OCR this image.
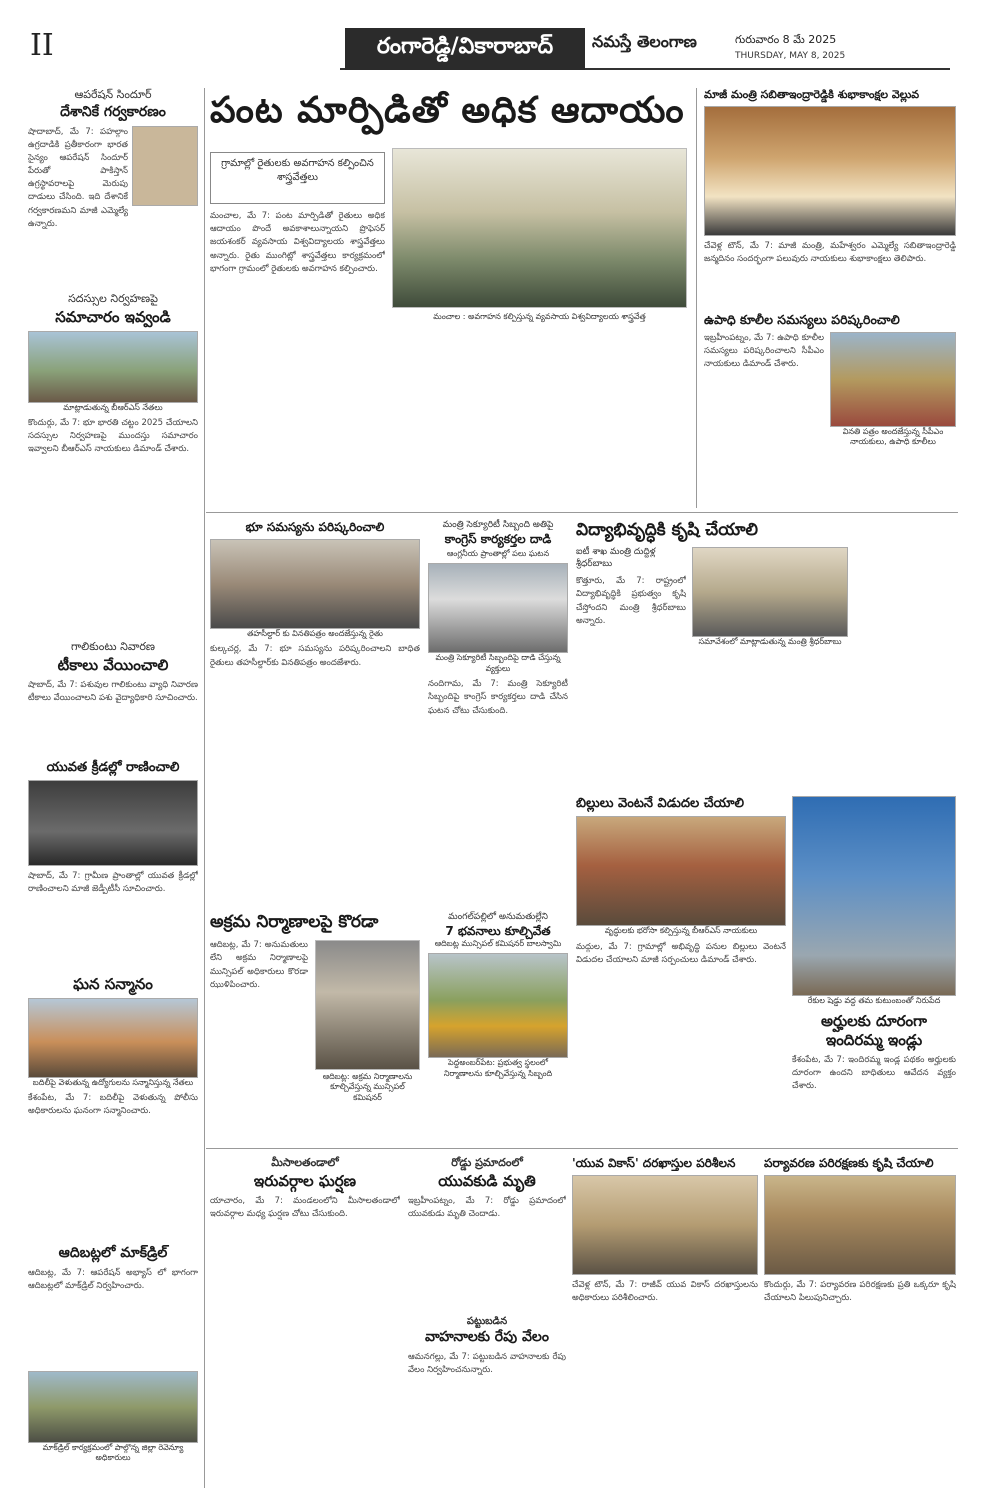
II	రంగారెడ్డి/వికారాబాద్	నమస్తే తెలంగాణ	గురువారం 8 మే 2025
THURSDAY, MAY 8, 2025
ఆపరేషన్ సిందూర్
దేశానికే గర్వకారణం
షాదాబాద్, మే 7: పహల్గాం ఉగ్రదాడికి ప్రతీకారంగా భారత సైన్యం ఆపరేషన్ సిందూర్ పేరుతో పాకిస్తాన్ ఉగ్రస్థావరాలపై మెరుపు దాడులు చేసింది. ఇది దేశానికే గర్వకారణమని మాజీ ఎమ్మెల్యే ఉన్నారు.
సదస్సుల నిర్వహణపై
సమాచారం ఇవ్వండి
మాట్లాడుతున్న బీఆర్ఎస్ నేతలు
కొందుర్గు, మే 7: భూ భారతి చట్టం 2025 చేయాలని సదస్సుల నిర్వహణపై ముందస్తు సమాచారం ఇవ్వాలని బీఆర్ఎస్ నాయకులు డిమాండ్ చేశారు.
గాలికుంటు నివారణ
టీకాలు వేయించాలి
షాబాద్, మే 7: పశువుల గాలికుంటు వ్యాధి నివారణ టీకాలు వేయించాలని పశు వైద్యాధికారి సూచించారు.
యువత క్రీడల్లో రాణించాలి
షాబాద్, మే 7: గ్రామీణ ప్రాంతాల్లో యువత క్రీడల్లో రాణించాలని మాజీ జెడ్పీటీసీ సూచించారు.
ఘన సన్మానం
బదిలీపై వెళుతున్న ఉద్యోగులను సన్మానిస్తున్న నేతలు
కేశంపేట, మే 7: బదిలీపై వెళుతున్న పోలీసు అధికారులను ఘనంగా సన్మానించారు.
ఆదిబట్లలో మాక్‌డ్రిల్
ఆదిబట్ల, మే 7: ఆపరేషన్ అభ్యాస్ లో భాగంగా ఆదిబట్లలో మాక్‌డ్రిల్ నిర్వహించారు.
మాక్‌డ్రిల్ కార్యక్రమంలో పాల్గొన్న జిల్లా రెవెన్యూ అధికారులు
పంట మార్పిడితో అధిక ఆదాయం
గ్రామాల్లో రైతులకు అవగాహన కల్పించిన శాస్త్రవేత్తలు
మంచాల : అవగాహన కల్పిస్తున్న వ్యవసాయ విశ్వవిద్యాలయ శాస్త్రవేత్త
మంచాల, మే 7: పంట మార్పిడితో రైతులు అధిక ఆదాయం పొందే అవకాశాలున్నాయని ప్రొఫెసర్ జయశంకర్ వ్యవసాయ విశ్వవిద్యాలయ శాస్త్రవేత్తలు అన్నారు. రైతు ముంగిట్లో శాస్త్రవేత్తలు కార్యక్రమంలో భాగంగా గ్రామంలో రైతులకు అవగాహన కల్పించారు.
మాజీ మంత్రి సబితాఇంద్రారెడ్డికి శుభాకాంక్షల వెల్లువ
చేవెళ్ల టౌన్, మే 7: మాజీ మంత్రి, మహేశ్వరం ఎమ్మెల్యే సబితాఇంద్రారెడ్డి జన్మదినం సందర్భంగా పలువురు నాయకులు శుభాకాంక్షలు తెలిపారు.
ఉపాధి కూలీల సమస్యలు పరిష్కరించాలి
ఇబ్రహీంపట్నం, మే 7: ఉపాధి కూలీల సమస్యలు పరిష్కరించాలని సీపీఎం నాయకులు డిమాండ్ చేశారు.
వినతి పత్రం అందజేస్తున్న సీపీఎం నాయకులు, ఉపాధి కూలీలు
భూ సమస్యను పరిష్కరించాలి
తహసీల్దార్ కు వినతిపత్రం అందజేస్తున్న రైతు
కుల్కచర్ల, మే 7: భూ సమస్యను పరిష్కరించాలని బాధిత రైతులు తహసీల్దార్‌కు వినతిపత్రం అందజేశారు.
మంత్రి సెక్యూరిటీ సిబ్బంది అతిపై
కాంగ్రెస్ కార్యకర్తల దాడి
ఆంగ్లనీయ ప్రాంతాల్లో పలు ఘటన
మంత్రి సెక్యూరిటీ సిబ్బందిపై దాడి చేస్తున్న వ్యక్తులు
నందిగామ, మే 7: మంత్రి సెక్యూరిటీ సిబ్బందిపై కాంగ్రెస్ కార్యకర్తలు దాడి చేసిన ఘటన చోటు చేసుకుంది.
విద్యాభివృద్ధికి కృషి చేయాలి
ఐటీ శాఖ మంత్రి దుద్దిళ్ల శ్రీధర్‌బాబు
కొత్తూరు, మే 7: రాష్ట్రంలో విద్యాభివృద్ధికి ప్రభుత్వం కృషి చేస్తోందని మంత్రి శ్రీధర్‌బాబు అన్నారు.
సమావేశంలో మాట్లాడుతున్న మంత్రి శ్రీధర్‌బాబు
అక్రమ నిర్మాణాలపై కొరడా
ఆదిబట్ల, మే 7: అనుమతులు లేని అక్రమ నిర్మాణాలపై మున్సిపల్ అధికారులు కొరడా ఝుళిపించారు.
ఆదిబట్ల: అక్రమ నిర్మాణాలను కూల్చివేస్తున్న మున్సిపల్ కమిషనర్
మంగల్‌పల్లిలో అనుమతుల్లేని
7 భవనాలు కూల్చివేత
ఆదిబట్ల మున్సిపల్ కమిషనర్ బాలస్వామి
పెద్దఅంబర్‌పేట: ప్రభుత్వ స్థలంలో నిర్మాణాలను కూల్చివేస్తున్న సిబ్బంది
బిల్లులు వెంటనే విడుదల చేయాలి
వృద్ధులకు భరోసా కల్పిస్తున్న బీఆర్ఎస్ నాయకులు
మద్గుల, మే 7: గ్రామాల్లో అభివృద్ధి పనుల బిల్లులు వెంటనే విడుదల చేయాలని మాజీ సర్పంచులు డిమాండ్ చేశారు.
రేకుల షెడ్డు వద్ద తమ కుటుంబంతో నిరుపేద
అర్హులకు దూరంగా ఇందిరమ్మ ఇండ్లు
కేశంపేట, మే 7: ఇందిరమ్మ ఇండ్ల పథకం అర్హులకు దూరంగా ఉందని బాధితులు ఆవేదన వ్యక్తం చేశారు.
మీసాలతండాలో
ఇరువర్గాల ఘర్షణ
యాచారం, మే 7: మండలంలోని మీసాలతండాలో ఇరువర్గాల మధ్య ఘర్షణ చోటు చేసుకుంది.
రోడ్డు ప్రమాదంలో
యువకుడి మృతి
ఇబ్రహీంపట్నం, మే 7: రోడ్డు ప్రమాదంలో యువకుడు మృతి చెందాడు.
పట్టుబడిన
వాహనాలకు రేపు వేలం
ఆమనగల్లు, మే 7: పట్టుబడిన వాహనాలకు రేపు వేలం నిర్వహించనున్నారు.
'యువ వికాస్' దరఖాస్తుల పరిశీలన
చేవెళ్ల టౌన్, మే 7: రాజీవ్ యువ వికాస్ దరఖాస్తులను అధికారులు పరిశీలించారు.
పర్యావరణ పరిరక్షణకు కృషి చేయాలి
కొందుర్గు, మే 7: పర్యావరణ పరిరక్షణకు ప్రతి ఒక్కరూ కృషి చేయాలని పిలుపునిచ్చారు.
